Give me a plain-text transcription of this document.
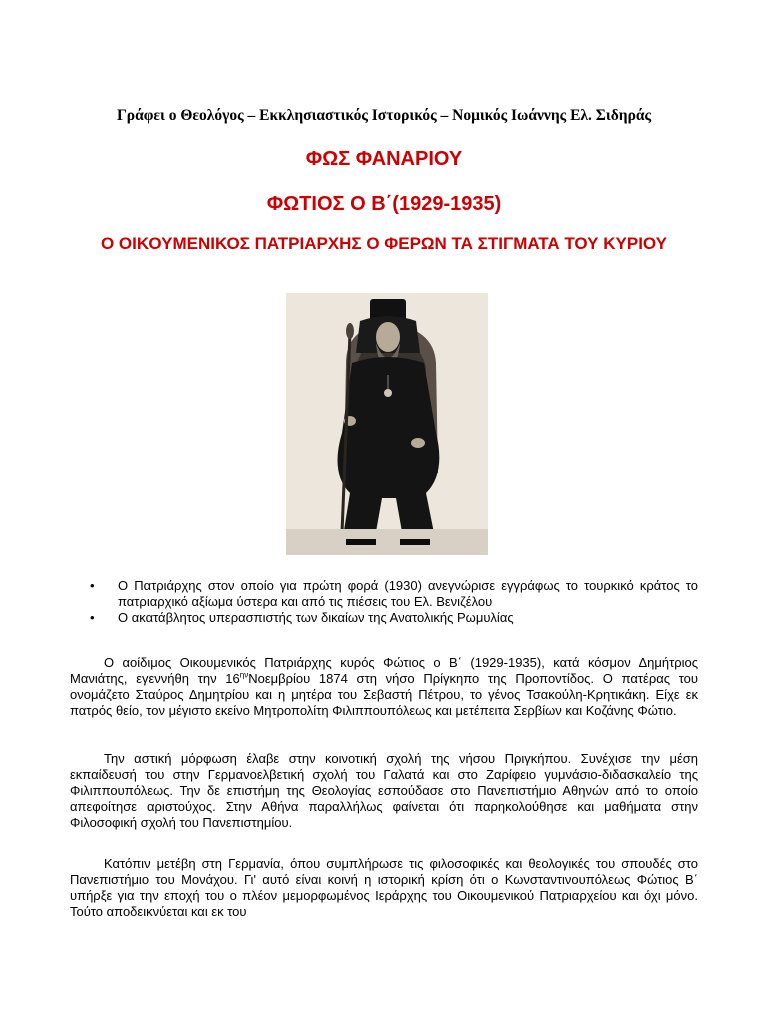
Γράφει ο Θεολόγος – Εκκλησιαστικός Ιστορικός – Νομικός Ιωάννης Ελ. Σιδηράς
ΦΩΣ ΦΑΝΑΡΙΟΥ
ΦΩΤΙΟΣ Ο Β΄(1929-1935)
Ο ΟΙΚΟΥΜΕΝΙΚΟΣ ΠΑΤΡΙΑΡΧΗΣ Ο ΦΕΡΩΝ ΤΑ ΣΤΙΓΜΑΤΑ ΤΟΥ ΚΥΡΙΟΥ
• Ο Πατριάρχης στον οποίο για πρώτη φορά (1930) ανεγνώρισε εγγράφως το τουρκικό κράτος το πατριαρχικό αξίωμα ύστερα και από τις πιέσεις του Ελ. Βενιζέλου
• Ο ακατάβλητος υπερασπιστής των δικαίων της Ανατολικής Ρωμυλίας

Ο αοίδιμος Οικουμενικός Πατριάρχης κυρός Φώτιος ο Β΄ (1929-1935), κατά κόσμον Δημήτριος Μανιάτης, εγεννήθη την $16^{\eta\nu}No\varepsilon\mu\beta\rho ίo\upsilon$ 1874 στη νήσο Πρίγκηπο της Προποντίδος. Ο πατέρας του ονομάζετο Σταύρος Δημητρίου και η μητέρα του Σεβαστή Πέτρου, το γένος Τσακούλη-Κρητικάκη. Είχε εκ πατρός θείο, τον μέγιστο εκείνο Μητροπολίτη Φιλιππουπόλεως και μετέπειτα Σερβίων και Κοζάνης Φώτιο.

Την αστική μόρφωση έλαβε στην κοινοτική σχολή της νήσου Πριγκήπου. Συνέχισε την μέση εκπαίδευσή του στην Γερμανοελβετική σχολή του Γαλατά και στο Ζαρίφειο γυμνάσιο-διδασκαλείο της Φιλιππουπόλεως. Την δε επιστήμη της Θεολογίας εσπούδασε στο Πανεπιστήμιο Αθηνών από το οποίο απεφοίτησε αριστούχος. Στην Αθήνα παραλλήλως φαίνεται ότι παρηκολούθησε και μαθήματα στην Φιλοσοφική σχολή του Πανεπιστημίου.

Κατόπιν μετέβη στη Γερμανία, όπου συμπλήρωσε τις φιλοσοφικές και θεολογικές του σπουδές στο Πανεπιστήμιο του Μονάχου. Γι' αυτό είναι κοινή η ιστορική κρίση ότι ο Κωνσταντινουπόλεως Φώτιος Β΄ υπήρξε για την εποχή του ο πλέον μεμορφωμένος Ιεράρχης του Οικουμενικού Πατριαρχείου και όχι μόνο. Τούτο αποδεικνύεται και εκ του
